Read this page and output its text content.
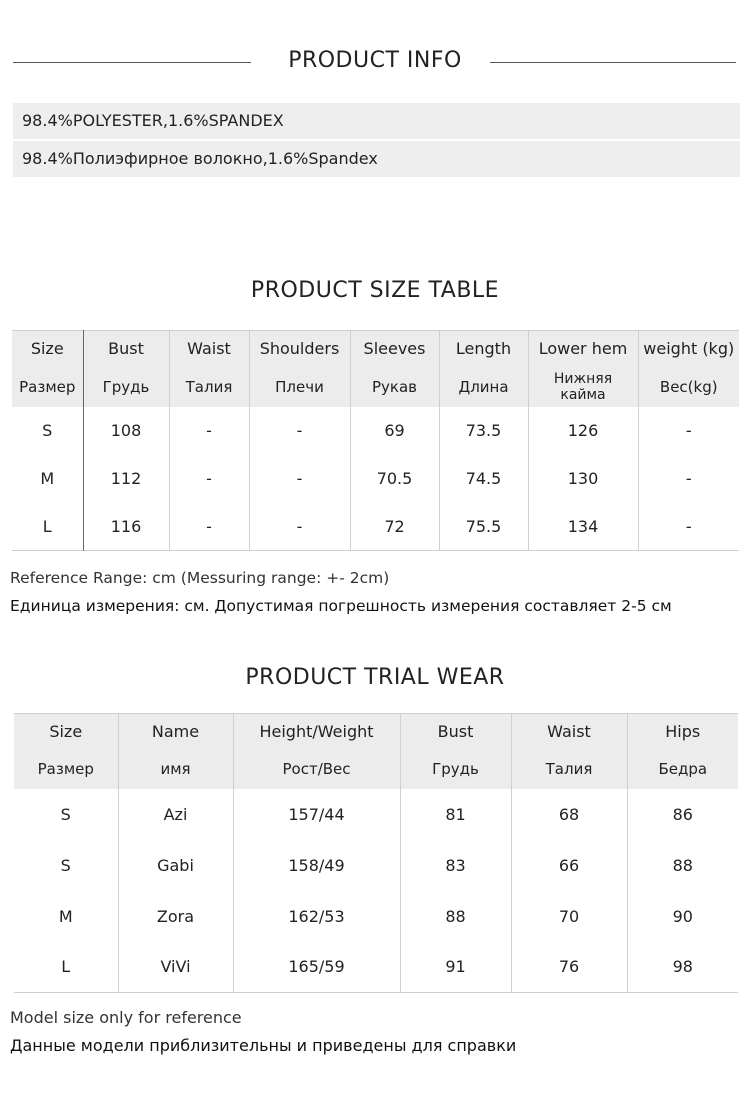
PRODUCT INFO
98.4%POLYESTER,1.6%SPANDEX
98.4%Полиэфирное волокно,1.6%Spandex
PRODUCT SIZE TABLE
Size	Bust	Waist	Shoulders	Sleeves	Length	Lower hem	weight (kg)
Размер	Грудь	Талия	Плечи	Рукав	Длина	Нижняя кайма	Вес(kg)
S	108	-	-	69	73.5	126	-
M	112	-	-	70.5	74.5	130	-
L	116	-	-	72	75.5	134	-
Reference Range: cm (Messuring range: +- 2cm)
Единица измерения: см. Допустимая погрешность измерения составляет 2-5 см
PRODUCT TRIAL WEAR
Size	Name	Height/Weight	Bust	Waist	Hips
Размер	имя	Рост/Вес	Грудь	Талия	Бедра
S	Azi	157/44	81	68	86
S	Gabi	158/49	83	66	88
M	Zora	162/53	88	70	90
L	ViVi	165/59	91	76	98
Model size only for reference
Данные модели приблизительны и приведены для справки
